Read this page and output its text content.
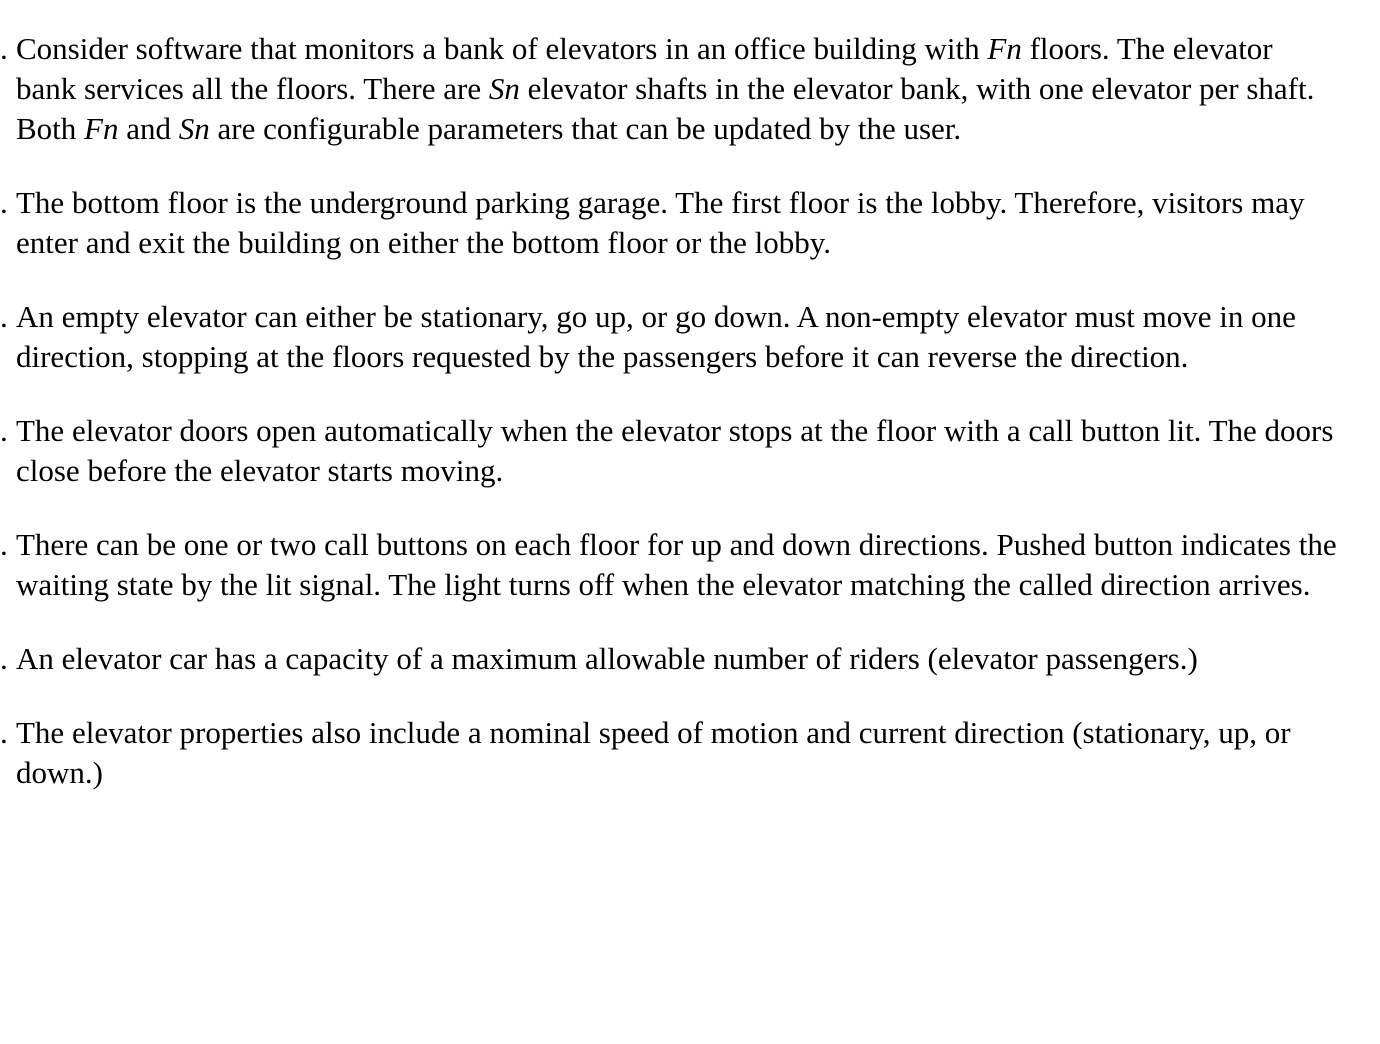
. Consider software that monitors a bank of elevators in an office building with Fn floors. The elevator bank services all the floors. There are Sn elevator shafts in the elevator bank, with one elevator per shaft. Both Fn and Sn are configurable parameters that can be updated by the user.
. The bottom floor is the underground parking garage. The first floor is the lobby. Therefore, visitors may enter and exit the building on either the bottom floor or the lobby.
. An empty elevator can either be stationary, go up, or go down. A non-empty elevator must move in one direction, stopping at the floors requested by the passengers before it can reverse the direction.
. The elevator doors open automatically when the elevator stops at the floor with a call button lit. The doors close before the elevator starts moving.
. There can be one or two call buttons on each floor for up and down directions. Pushed button indicates the waiting state by the lit signal. The light turns off when the elevator matching the called direction arrives.
. An elevator car has a capacity of a maximum allowable number of riders (elevator passengers.)
. The elevator properties also include a nominal speed of motion and current direction (stationary, up, or down.)
